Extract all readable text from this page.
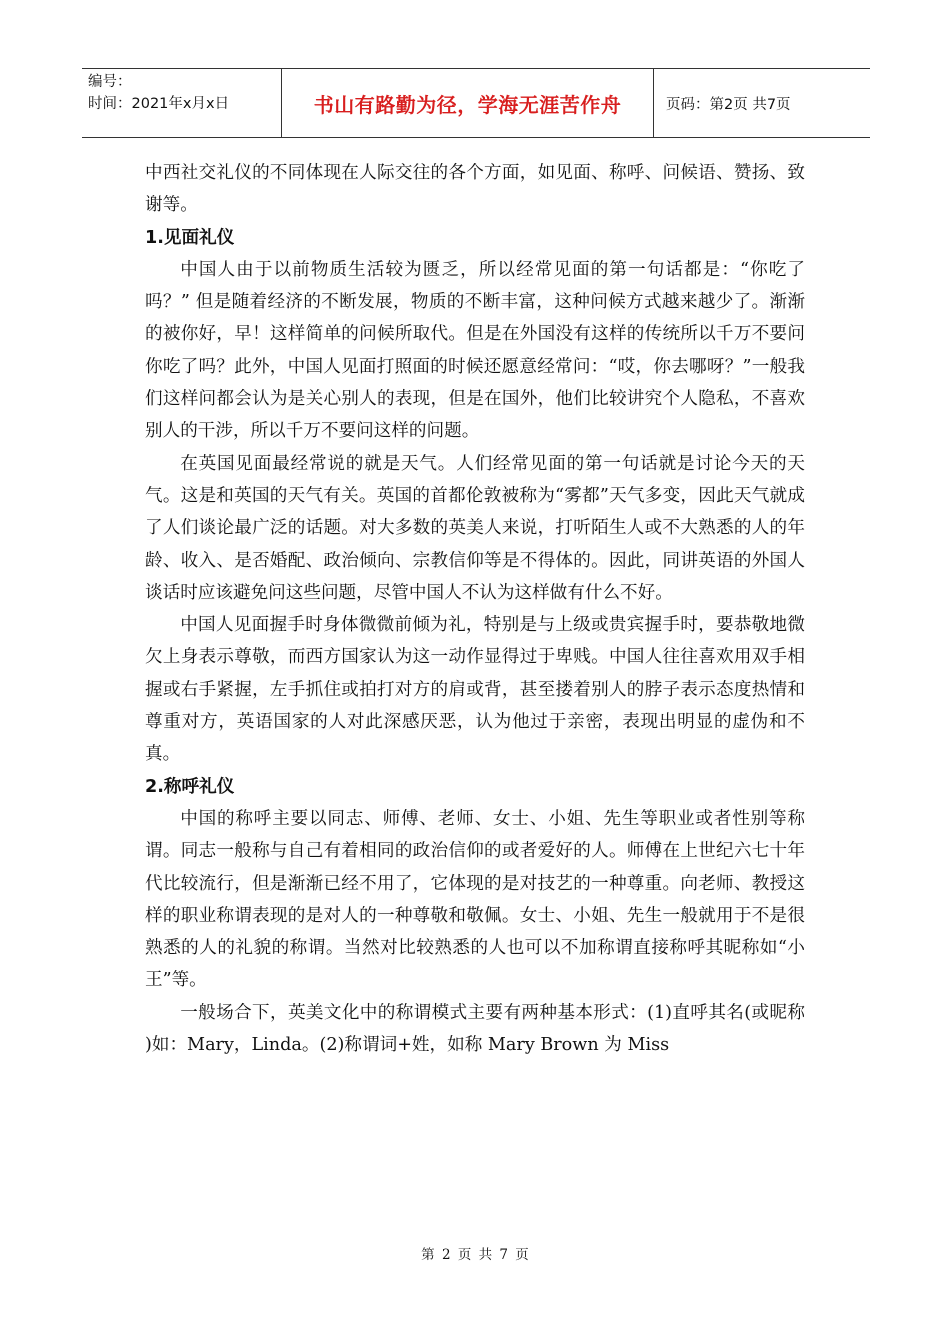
编号：
时间：2021年x月x日	书山有路勤为径，学海无涯苦作舟	页码：第2页 共7页

中西社交礼仪的不同体现在人际交往的各个方面，如见面、称呼、问候语、赞扬、致谢等。

1.见面礼仪

中国人由于以前物质生活较为匮乏，所以经常见面的第一句话都是：“你吃了吗？” 但是随着经济的不断发展，物质的不断丰富，这种问候方式越来越少了。渐渐的被你好，早！这样简单的问候所取代。但是在外国没有这样的传统所以千万不要问你吃了吗？此外，中国人见面打照面的时候还愿意经常问：“哎，你去哪呀？”一般我们这样问都会认为是关心别人的表现，但是在国外，他们比较讲究个人隐私，不喜欢别人的干涉，所以千万不要问这样的问题。

在英国见面最经常说的就是天气。人们经常见面的第一句话就是讨论今天的天气。这是和英国的天气有关。英国的首都伦敦被称为“雾都”天气多变，因此天气就成了人们谈论最广泛的话题。对大多数的英美人来说，打听陌生人或不大熟悉的人的年龄、收入、是否婚配、政治倾向、宗教信仰等是不得体的。因此，同讲英语的外国人谈话时应该避免问这些问题，尽管中国人不认为这样做有什么不好。

中国人见面握手时身体微微前倾为礼，特别是与上级或贵宾握手时，要恭敬地微欠上身表示尊敬，而西方国家认为这一动作显得过于卑贱。中国人往往喜欢用双手相握或右手紧握，左手抓住或拍打对方的肩或背，甚至搂着别人的脖子表示态度热情和尊重对方，英语国家的人对此深感厌恶，认为他过于亲密，表现出明显的虚伪和不真。

2.称呼礼仪

中国的称呼主要以同志、师傅、老师、女士、小姐、先生等职业或者性别等称谓。同志一般称与自己有着相同的政治信仰的或者爱好的人。师傅在上世纪六七十年代比较流行，但是渐渐已经不用了，它体现的是对技艺的一种尊重。向老师、教授这样的职业称谓表现的是对人的一种尊敬和敬佩。女士、小姐、先生一般就用于不是很熟悉的人的礼貌的称谓。当然对比较熟悉的人也可以不加称谓直接称呼其昵称如“小王”等。

一般场合下，英美文化中的称谓模式主要有两种基本形式：(1)直呼其名(或昵称 )如：Mary，Linda。(2)称谓词+姓，如称 Mary Brown 为 Miss

第 2 页 共 7 页
